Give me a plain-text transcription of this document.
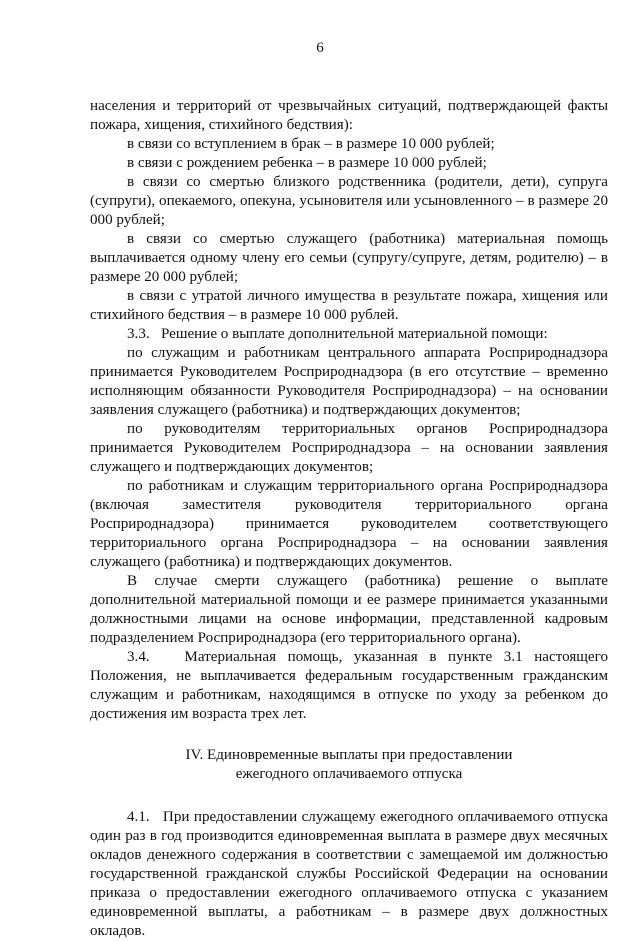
6

населения и территорий от чрезвычайных ситуаций, подтверждающей факты пожара, хищения, стихийного бедствия):

в связи со вступлением в брак – в размере 10 000 рублей;

в связи с рождением ребенка – в размере 10 000 рублей;

в связи со смертью близкого родственника (родители, дети), супруга (супруги), опекаемого, опекуна, усыновителя или усыновленного – в размере 20 000 рублей;

в связи со смертью служащего (работника) материальная помощь выплачивается одному члену его семьи (супругу/супруге, детям, родителю) – в размере 20 000 рублей;

в связи с утратой личного имущества в результате пожара, хищения или стихийного бедствия – в размере 10 000 рублей.

3.3.   Решение о выплате дополнительной материальной помощи:

по служащим и работникам центрального аппарата Росприроднадзора принимается Руководителем Росприроднадзора (в его отсутствие – временно исполняющим обязанности Руководителя Росприроднадзора) – на основании заявления служащего (работника) и подтверждающих документов;

по руководителям территориальных органов Росприроднадзора принимается Руководителем Росприроднадзора – на основании заявления служащего и подтверждающих документов;

по работникам и служащим территориального органа Росприроднадзора (включая заместителя руководителя территориального органа Росприроднадзора) принимается руководителем соответствующего территориального органа Росприроднадзора – на основании заявления служащего (работника) и подтверждающих документов.

В случае смерти служащего (работника) решение о выплате дополнительной материальной помощи и ее размере принимается указанными должностными лицами на основе информации, представленной кадровым подразделением Росприроднадзора (его территориального органа).

3.4.   Материальная помощь, указанная в пункте 3.1 настоящего Положения, не выплачивается федеральным государственным гражданским служащим и работникам, находящимся в отпуске по уходу за ребенком до достижения им возраста трех лет.

IV. Единовременные выплаты при предоставлении
ежегодного оплачиваемого отпуска

4.1.   При предоставлении служащему ежегодного оплачиваемого отпуска один раз в год производится единовременная выплата в размере двух месячных окладов денежного содержания в соответствии с замещаемой им должностью государственной гражданской службы Российской Федерации на основании приказа о предоставлении ежегодного оплачиваемого отпуска с указанием единовременной выплаты, а работникам – в размере двух должностных окладов.
